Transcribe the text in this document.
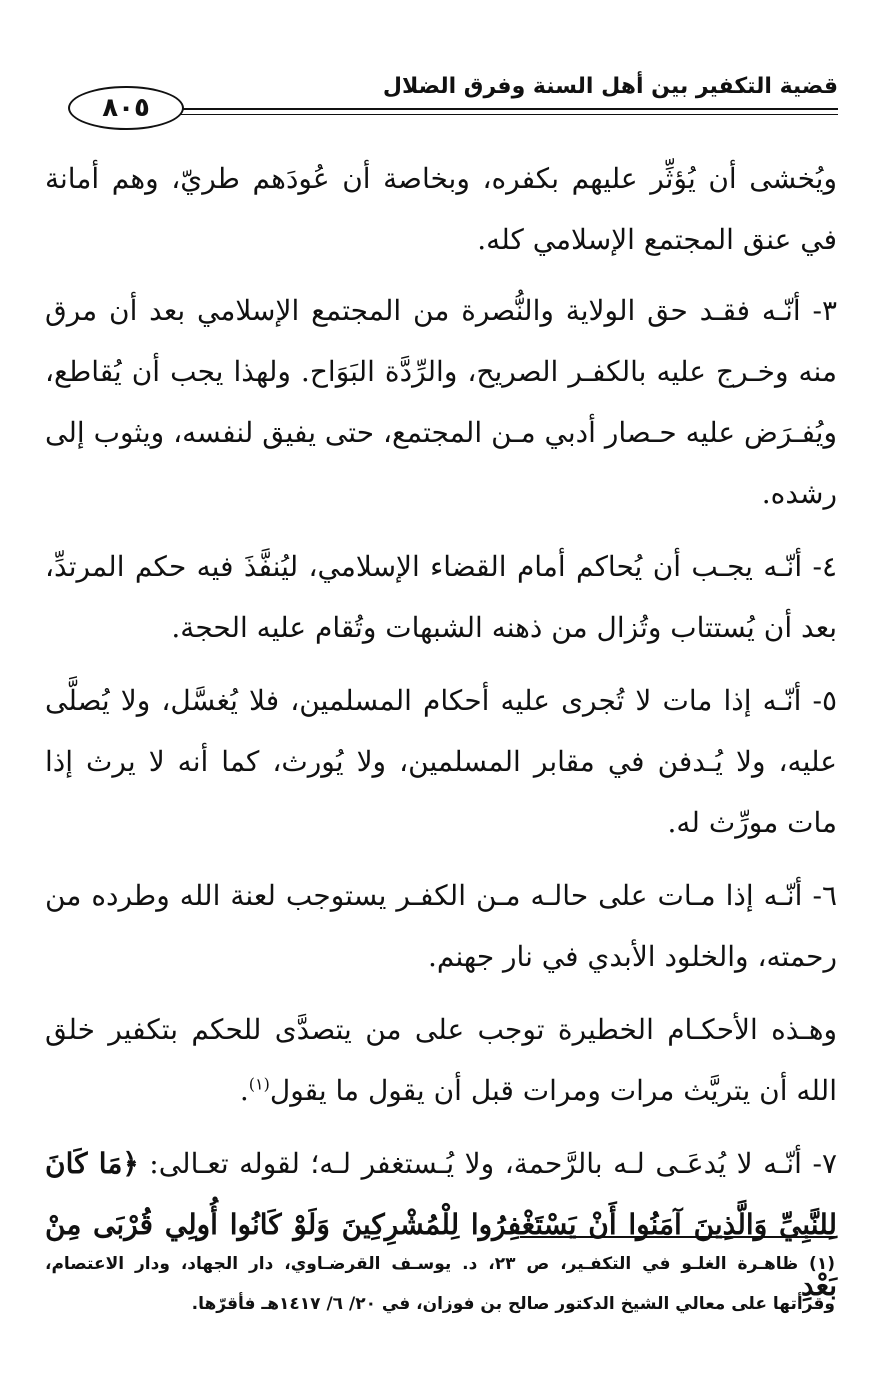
قضية التكفير بين أهل السنة وفرق الضلال
٨٠٥

ويُخشى أن يُؤثِّر عليهم بكفره، وبخاصة أن عُودَهم طريّ، وهم أمانة في عنق المجتمع الإسلامي كله.

٣- أنّـه فقـد حق الولاية والنُّصرة من المجتمع الإسلامي بعد أن مرق منه وخـرج عليه بالكفـر الصريح، والرِّدَّة البَوَاح. ولهذا يجب أن يُقاطع، ويُفـرَض عليه حـصار أدبي مـن المجتمع، حتى يفيق لنفسه، ويثوب إلى رشده.

٤- أنّـه يجـب أن يُحاكم أمام القضاء الإسلامي، ليُنفَّذَ فيه حكم المرتدِّ، بعد أن يُستتاب وتُزال من ذهنه الشبهات وتُقام عليه الحجة.

٥- أنّـه إذا مات لا تُجرى عليه أحكام المسلمين، فلا يُغسَّل، ولا يُصلَّى عليه، ولا يُـدفن في مقابر المسلمين، ولا يُورث، كما أنه لا يرث إذا مات مورِّث له.

٦- أنّـه إذا مـات على حالـه مـن الكفـر يستوجب لعنة الله وطرده من رحمته، والخلود الأبدي في نار جهنم.

وهـذه الأحكـام الخطيرة توجب على من يتصدَّى للحكم بتكفير خلق الله أن يتريَّث مرات ومرات قبل أن يقول ما يقول$^{(١)}$.

٧- أنّـه لا يُدعَـى لـه بالرَّحمة، ولا يُـستغفر لـه؛ لقوله تعـالى: ﴿مَا كَانَ لِلنَّبِيِّ وَالَّذِينَ آمَنُوا أَنْ يَسْتَغْفِرُوا لِلْمُشْرِكِينَ وَلَوْ كَانُوا أُولِي قُرْبَى مِنْ بَعْدِ

(١) ظاهـرة الغلـو في التكفـير، ص ٢٣، د. يوسـف القرضـاوي، دار الجهاد، ودار الاعتصام، وقرأتها على معالي الشيخ الدكتور صالح بن فوزان، في ٢٠/ ٦/ ١٤١٧هـ فأقرّها.
